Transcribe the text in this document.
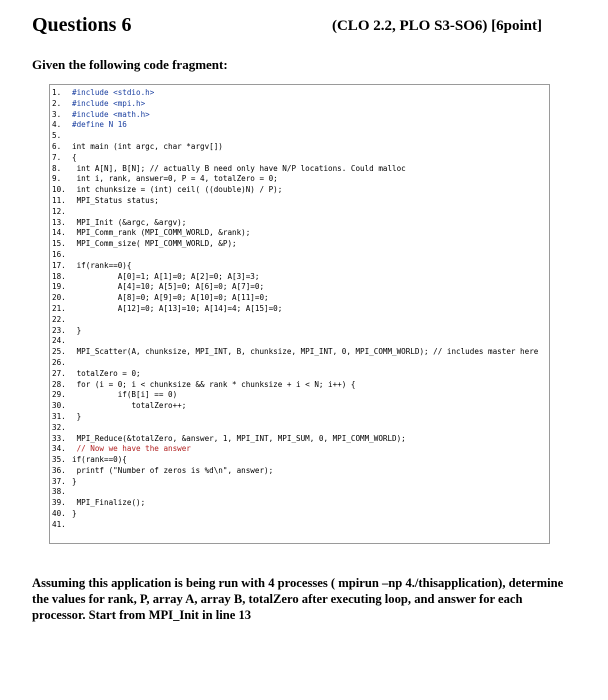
Questions 6	(CLO 2.2, PLO S3-SO6) [6point]
Given the following code fragment:
1.	#include <stdio.h>
2.	#include <mpi.h>
3.	#include <math.h>
4.	#define N 16
5.
6.	int main (int argc, char *argv[])
7.	{
8.	int A[N], B[N]; // actually B need only have N/P locations. Could malloc
9.	int i, rank, answer=0, P = 4, totalZero = 0;
10. int chunksize = (int) ceil( ((double)N) / P);
11. MPI_Status status;
12.
13. MPI_Init (&argc, &argv);
14. MPI_Comm_rank (MPI_COMM_WORLD, &rank);
15. MPI_Comm_size( MPI_COMM_WORLD, &P);
16.
17. if(rank==0){
18. A[0]=1; A[1]=0; A[2]=0; A[3]=3;
19. A[4]=10; A[5]=0; A[6]=0; A[7]=0;
20. A[8]=0; A[9]=0; A[10]=0; A[11]=0;
21. A[12]=0; A[13]=10; A[14]=4; A[15]=0;
22.
23. }
24.
25. MPI_Scatter(A, chunksize, MPI_INT, B, chunksize, MPI_INT, 0, MPI_COMM_WORLD); // includes master here
26.
27. totalZero = 0;
28. for (i = 0; i < chunksize && rank * chunksize + i < N; i++) {
29. if(B[i] == 0)
30. totalZero++;
31. }
32.
33. MPI_Reduce(&totalZero, &answer, 1, MPI_INT, MPI_SUM, 0, MPI_COMM_WORLD);
34. // Now we have the answer
35. if(rank==0){
36. printf ("Number of zeros is %d\n", answer);
37. }
38.
39. MPI_Finalize();
40. }
41.
Assuming this application is being run with 4 processes ( mpirun –np 4./thisapplication), determine the values for rank, P, array A, array B, totalZero after executing loop, and answer for each processor. Start from MPI_Init in line 13
